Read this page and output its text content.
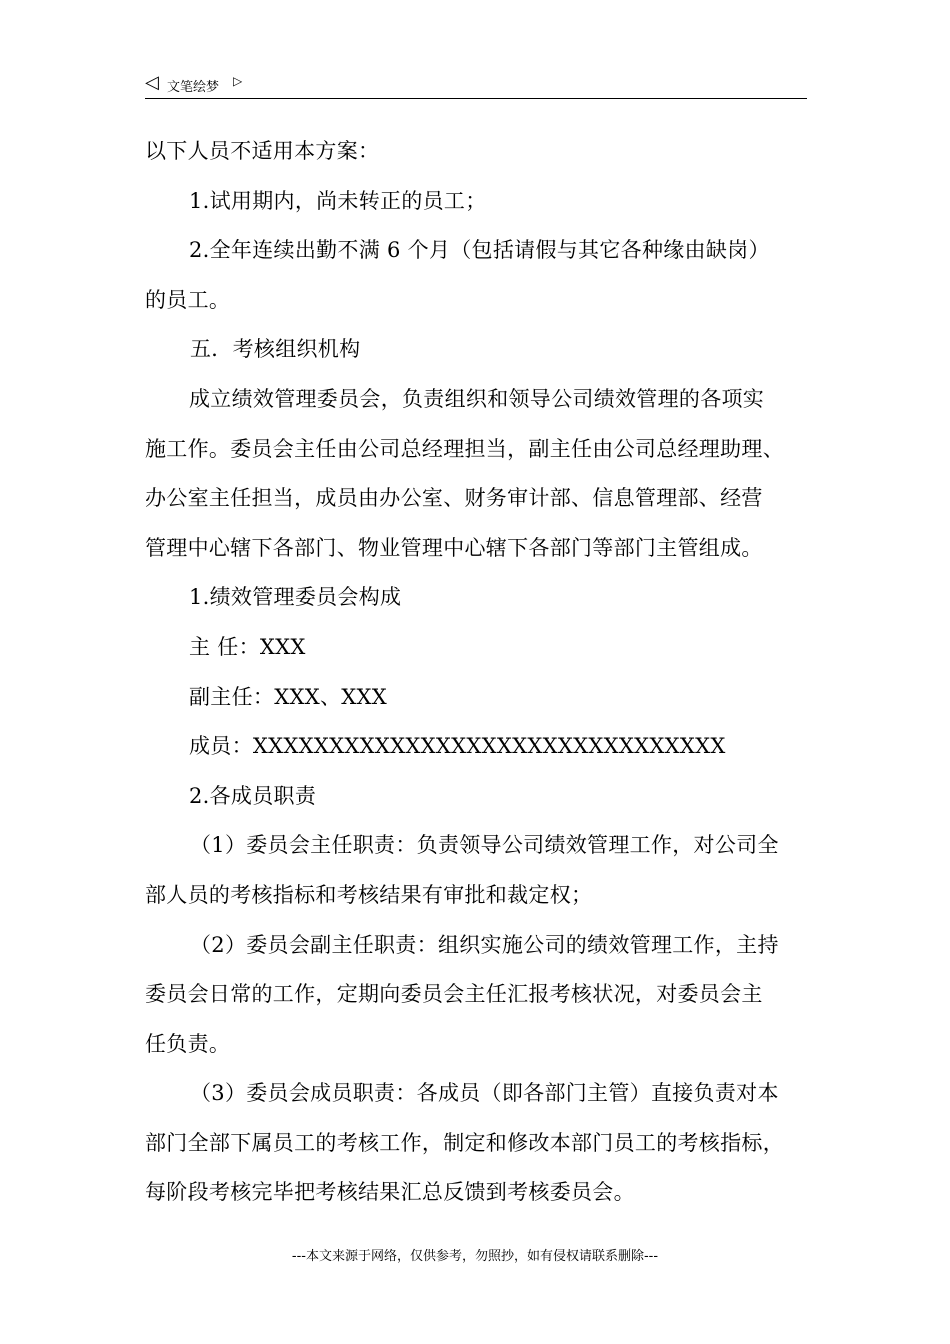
◁ 文笔绘梦 ▷
以下人员不适用本方案：
1.试用期内，尚未转正的员工；
2.全年连续出勤不满 6 个月（包括请假与其它各种缘由缺岗）
的员工。
五．考核组织机构
成立绩效管理委员会，负责组织和领导公司绩效管理的各项实
施工作。委员会主任由公司总经理担当，副主任由公司总经理助理、
办公室主任担当，成员由办公室、财务审计部、信息管理部、经营
管理中心辖下各部门、物业管理中心辖下各部门等部门主管组成。
1.绩效管理委员会构成
主 任：XXX
副主任：XXX、XXX
成员：XXXXXXXXXXXXXXXXXXXXXXXXXXXXXXX
2.各成员职责
（1）委员会主任职责：负责领导公司绩效管理工作，对公司全
部人员的考核指标和考核结果有审批和裁定权；
（2）委员会副主任职责：组织实施公司的绩效管理工作，主持
委员会日常的工作，定期向委员会主任汇报考核状况，对委员会主
任负责。
（3）委员会成员职责：各成员（即各部门主管）直接负责对本
部门全部下属员工的考核工作，制定和修改本部门员工的考核指标，
每阶段考核完毕把考核结果汇总反馈到考核委员会。
---本文来源于网络，仅供参考，勿照抄，如有侵权请联系删除---
